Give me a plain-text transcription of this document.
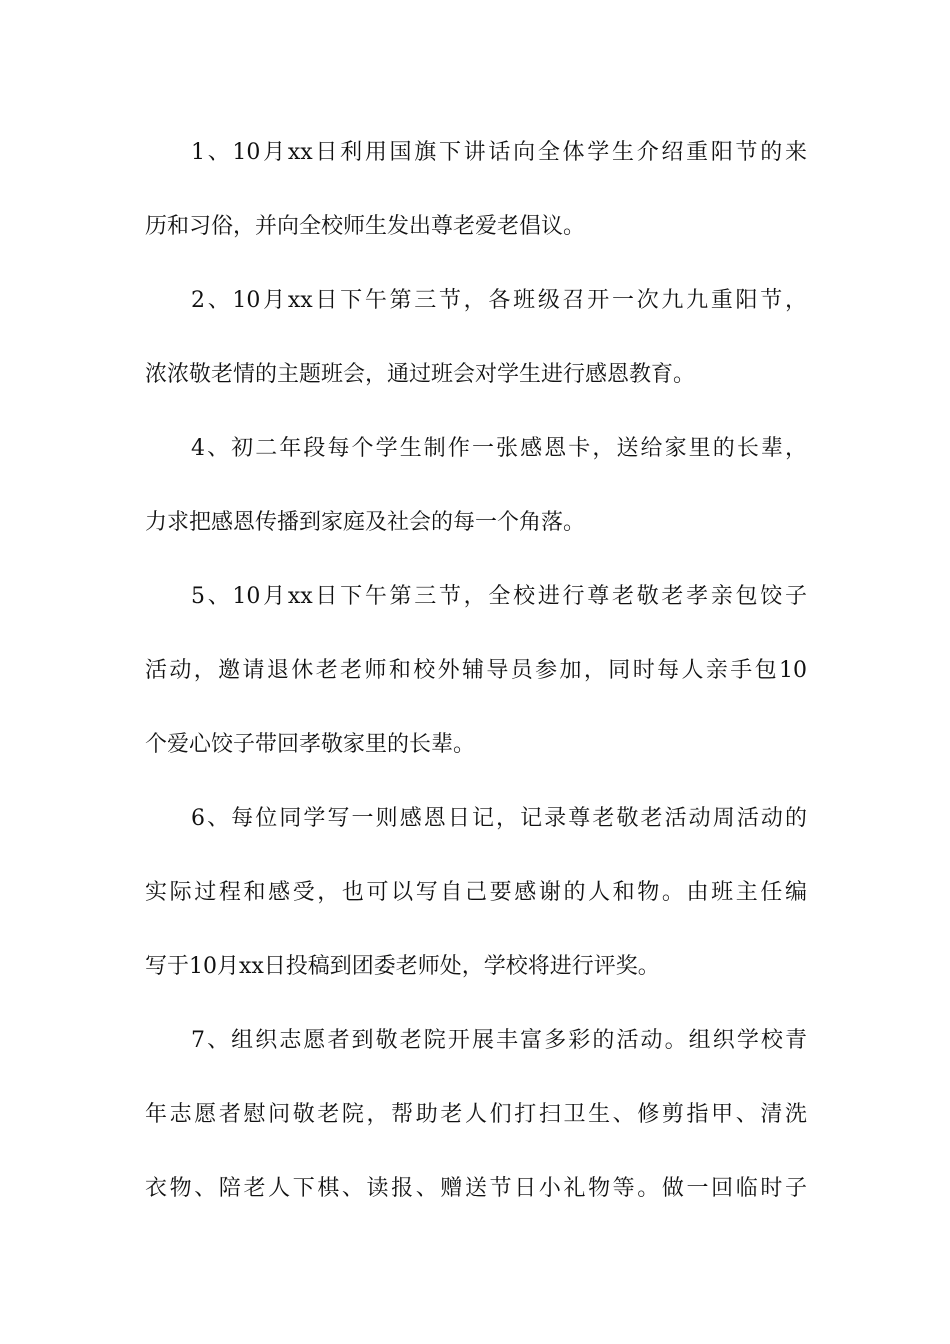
1、10月xx日利用国旗下讲话向全体学生介绍重阳节的来
历和习俗，并向全校师生发出尊老爱老倡议。
2、10月xx日下午第三节，各班级召开一次九九重阳节，
浓浓敬老情的主题班会，通过班会对学生进行感恩教育。
4、初二年段每个学生制作一张感恩卡，送给家里的长辈，
力求把感恩传播到家庭及社会的每一个角落。
5、10月xx日下午第三节，全校进行尊老敬老孝亲包饺子
活动，邀请退休老老师和校外辅导员参加，同时每人亲手包10
个爱心饺子带回孝敬家里的长辈。
6、每位同学写一则感恩日记，记录尊老敬老活动周活动的
实际过程和感受，也可以写自己要感谢的人和物。由班主任编
写于10月xx日投稿到团委老师处，学校将进行评奖。
7、组织志愿者到敬老院开展丰富多彩的活动。组织学校青
年志愿者慰问敬老院，帮助老人们打扫卫生、修剪指甲、清洗
衣物、陪老人下棋、读报、赠送节日小礼物等。做一回临时子
